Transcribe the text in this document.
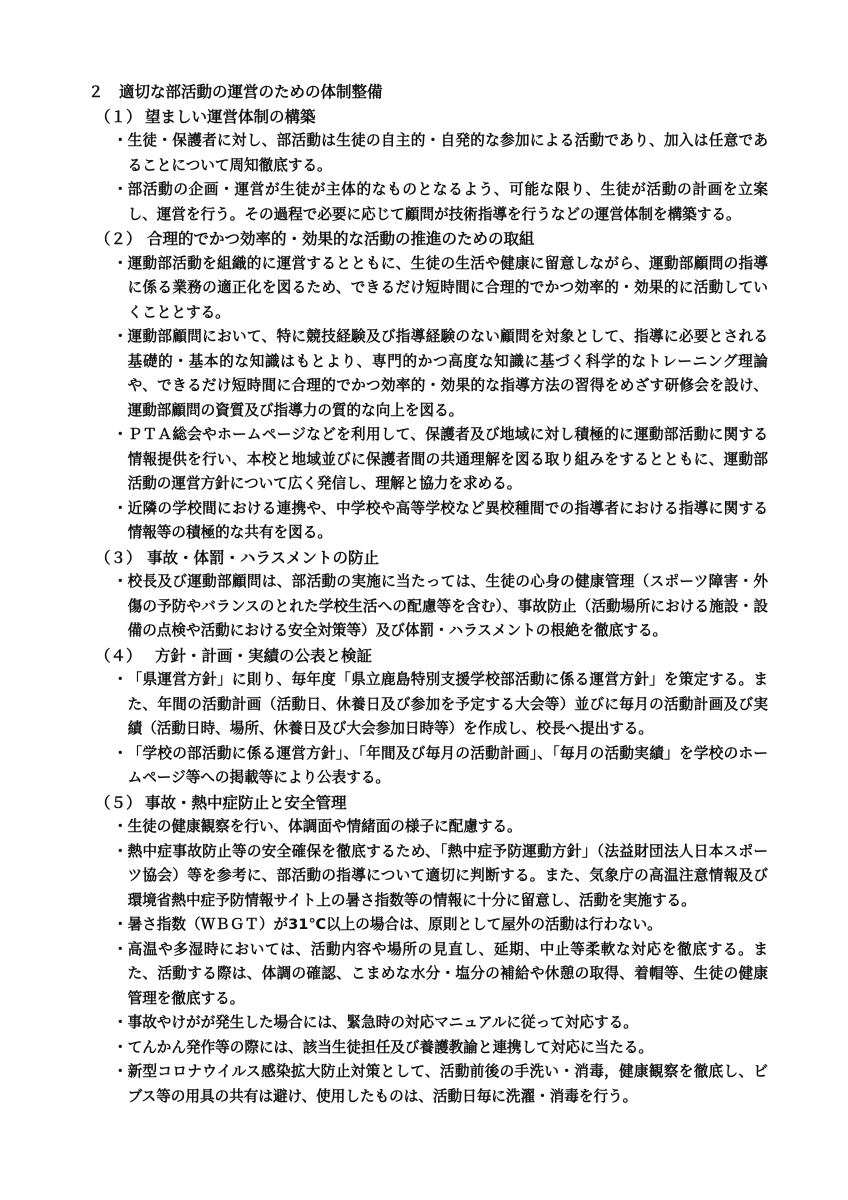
２　適切な部活動の運営のための体制整備
（１） 望ましい運営体制の構築
・ 生徒・保護者に対し、部活動は生徒の自主的・自発的な参加による活動であり、加入は任意であることについて周知徹底する。
・ 部活動の企画・運営が生徒が主体的なものとなるよう、可能な限り、生徒が活動の計画を立案し、運営を行う。その過程で必要に応じて顧問が技術指導を行うなどの運営体制を構築する。
（２） 合理的でかつ効率的・効果的な活動の推進のための取組
・ 運動部活動を組織的に運営するとともに、生徒の生活や健康に留意しながら、運動部顧問の指導に係る業務の適正化を図るため、できるだけ短時間に合理的でかつ効率的・効果的に活動していくこととする。
・ 運動部顧問において、特に競技経験及び指導経験のない顧問を対象として、指導に必要とされる基礎的・基本的な知識はもとより、専門的かつ高度な知識に基づく科学的なトレーニング理論や、できるだけ短時間に合理的でかつ効率的・効果的な指導方法の習得をめざす研修会を設け、運動部顧問の資質及び指導力の質的な向上を図る。
・ ＰＴＡ総会やホームページなどを利用して、保護者及び地域に対し積極的に運動部活動に関する情報提供を行い、本校と地域並びに保護者間の共通理解を図る取り組みをするとともに、運動部活動の運営方針について広く発信し、理解と協力を求める。
・ 近隣の学校間における連携や、中学校や高等学校など異校種間での指導者における指導に関する情報等の積極的な共有を図る。
（３） 事故・体罰・ハラスメントの防止
・ 校長及び運動部顧問は、部活動の実施に当たっては、生徒の心身の健康管理（スポーツ障害・外傷の予防やバランスのとれた学校生活への配慮等を含む）、事故防止（活動場所における施設・設備の点検や活動における安全対策等）及び体罰・ハラスメントの根絶を徹底する。
（４） 方針・計画・実績の公表と検証
・ 「県運営方針」に則り、毎年度「県立鹿島特別支援学校部活動に係る運営方針」を策定する。また、年間の活動計画（活動日、休養日及び参加を予定する大会等）並びに毎月の活動計画及び実績（活動日時、場所、休養日及び大会参加日時等）を作成し、校長へ提出する。
・ 「学校の部活動に係る運営方針」、「年間及び毎月の活動計画」、「毎月の活動実績」を学校のホームページ等への掲載等により公表する。
（５） 事故・熱中症防止と安全管理
・ 生徒の健康観察を行い、体調面や情緒面の様子に配慮する。
・ 熱中症事故防止等の安全確保を徹底するため、「熱中症予防運動方針」（法益財団法人日本スポーツ協会）等を参考に、部活動の指導について適切に判断する。また、気象庁の高温注意情報及び環境省熱中症予防情報サイト上の暑さ指数等の情報に十分に留意し、活動を実施する。
・ 暑さ指数（ＷＢＧＴ）が31℃以上の場合は、原則として屋外の活動は行わない。
・ 高温や多湿時においては、活動内容や場所の見直し、延期、中止等柔軟な対応を徹底する。また、活動する際は、体調の確認、こまめな水分・塩分の補給や休憩の取得、着帽等、生徒の健康管理を徹底する。
・ 事故やけがが発生した場合には、緊急時の対応マニュアルに従って対応する。
・ てんかん発作等の際には、該当生徒担任及び養護教諭と連携して対応に当たる。
・ 新型コロナウイルス感染拡大防止対策として、活動前後の手洗い・消毒，健康観察を徹底し、ビブス等の用具の共有は避け、使用したものは、活動日毎に洗濯・消毒を行う。
